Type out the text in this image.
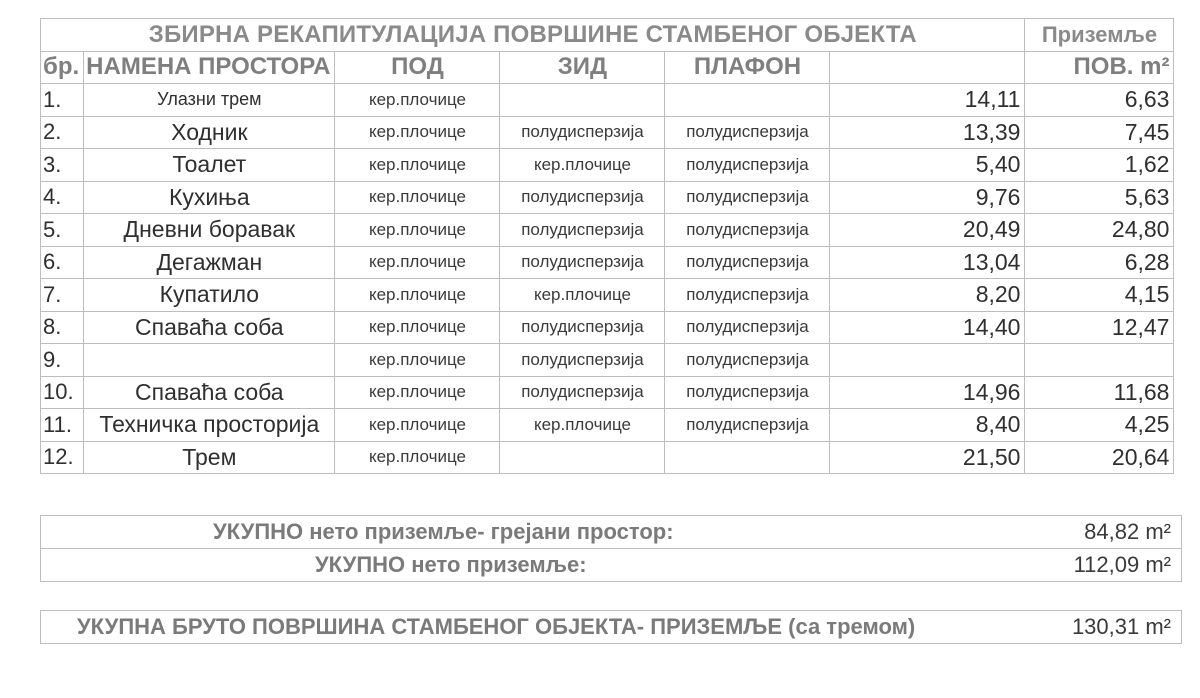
ЗБИРНА РЕКАПИТУЛАЦИЈА ПОВРШИНЕ СТАМБЕНОГ ОБЈЕКТА						Приземље
бр.	НАМЕНА ПРОСТОРА	ПОД	ЗИД	ПЛАФОН		ПОВ. m²
1.	Улазни трем	кер.плочице			14,11	6,63
2.	Ходник	кер.плочице	полудисперзија	полудисперзија	13,39	7,45
3.	Тоалет	кер.плочице	кер.плочице	полудисперзија	5,40	1,62
4.	Кухиња	кер.плочице	полудисперзија	полудисперзија	9,76	5,63
5.	Дневни боравак	кер.плочице	полудисперзија	полудисперзија	20,49	24,80
6.	Дегажман	кер.плочице	полудисперзија	полудисперзија	13,04	6,28
7.	Купатило	кер.плочице	кер.плочице	полудисперзија	8,20	4,15
8.	Спаваћа соба	кер.плочице	полудисперзија	полудисперзија	14,40	12,47
9.		кер.плочице	полудисперзија	полудисперзија		
10.	Спаваћа соба	кер.плочице	полудисперзија	полудисперзија	14,96	11,68
11.	Техничка просторија	кер.плочице	кер.плочице	полудисперзија	8,40	4,25
12.	Трем	кер.плочице			21,50	20,64
УКУПНО нето приземље- грејани простор:	84,82 m²
УКУПНО нето приземље:	112,09 m²
УКУПНА БРУТО ПОВРШИНА СТАМБЕНОГ ОБЈЕКТА- ПРИЗЕМЉЕ (са тремом)	130,31 m²
